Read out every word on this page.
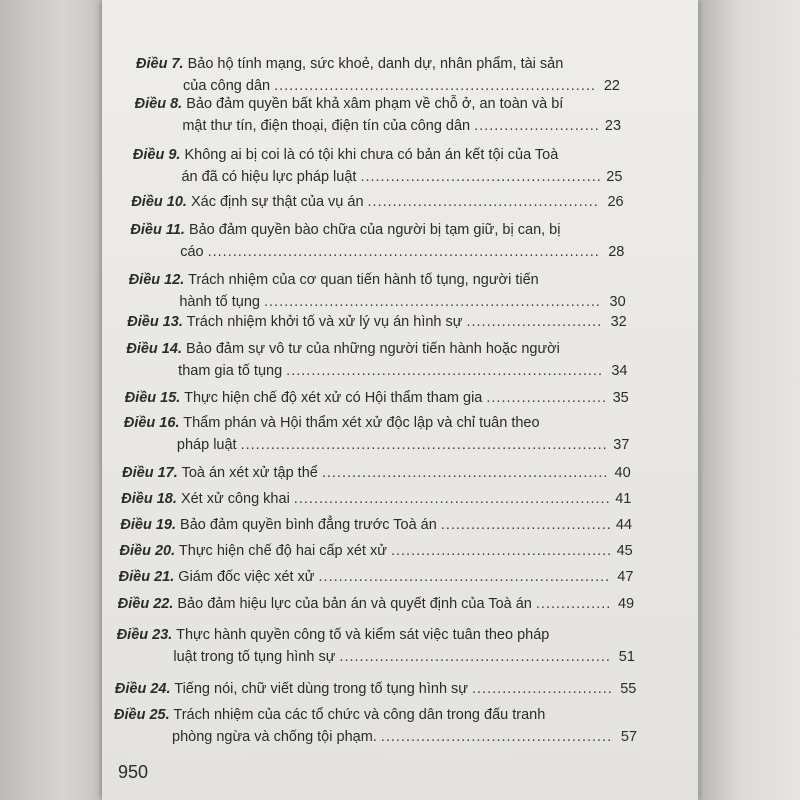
Điều 7. Bảo hộ tính mạng, sức khoẻ, danh dự, nhân phẩm, tài sản
của công dân ................................................................ 22
Điều 8. Bảo đảm quyền bất khả xâm phạm về chỗ ở, an toàn và bí
mật thư tín, điện thoại, điện tín của công dân ......................... 23
Điều 9. Không ai bị coi là có tội khi chưa có bản án kết tội của Toà
án đã có hiệu lực pháp luật ................................................ 25
Điều 10. Xác định sự thật của vụ án .............................................. 26
Điều 11. Bảo đảm quyền bào chữa của người bị tạm giữ, bị can, bị
cáo .............................................................................. 28
Điều 12. Trách nhiệm của cơ quan tiến hành tố tụng, người tiến
hành tố tụng ................................................................... 30
Điều 13. Trách nhiệm khởi tố và xử lý vụ án hình sự ........................... 32
Điều 14. Bảo đảm sự vô tư của những người tiến hành hoặc người
tham gia tố tụng ............................................................... 34
Điều 15. Thực hiện chế độ xét xử có Hội thẩm tham gia ........................ 35
Điều 16. Thẩm phán và Hội thẩm xét xử độc lập và chỉ tuân theo
pháp luật ......................................................................... 37
Điều 17. Toà án xét xử tập thể ......................................................... 40
Điều 18. Xét xử công khai ............................................................... 41
Điều 19. Bảo đảm quyền bình đẳng trước Toà án .................................. 44
Điều 20. Thực hiện chế độ hai cấp xét xử ............................................ 45
Điều 21. Giám đốc việc xét xử .......................................................... 47
Điều 22. Bảo đảm hiệu lực của bản án và quyết định của Toà án ............... 49
Điều 23. Thực hành quyền công tố và kiểm sát việc tuân theo pháp
luật trong tố tụng hình sự ...................................................... 51
Điều 24. Tiếng nói, chữ viết dùng trong tố tụng hình sự ............................ 55
Điều 25. Trách nhiệm của các tổ chức và công dân trong đấu tranh
phòng ngừa và chống tội phạm. .............................................. 57
950
